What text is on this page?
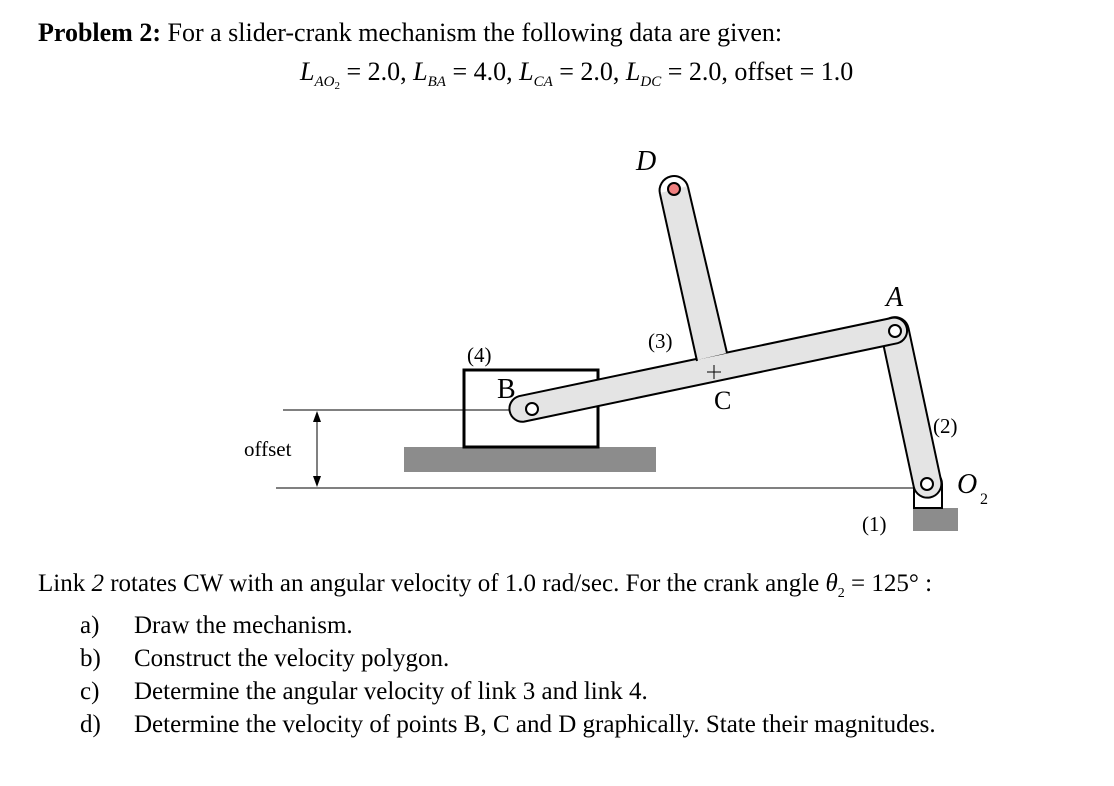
Problem 2: For a slider-crank mechanism the following data are given:
$L_{AO_2} = 2.0$, $L_{BA} = 4.0$, $L_{CA} = 2.0$, $L_{DC} = 2.0$, offset = 1.0
D
A
B	C
O 2
(3)
(4)
(2)
(1)
offset
Link 2 rotates CW with an angular velocity of 1.0 rad/sec. For the crank angle $\theta_2 = 125^\circ$ :
a) Draw the mechanism.
b) Construct the velocity polygon.
c) Determine the angular velocity of link 3 and link 4.
d) Determine the velocity of points B, C and D graphically. State their magnitudes.
